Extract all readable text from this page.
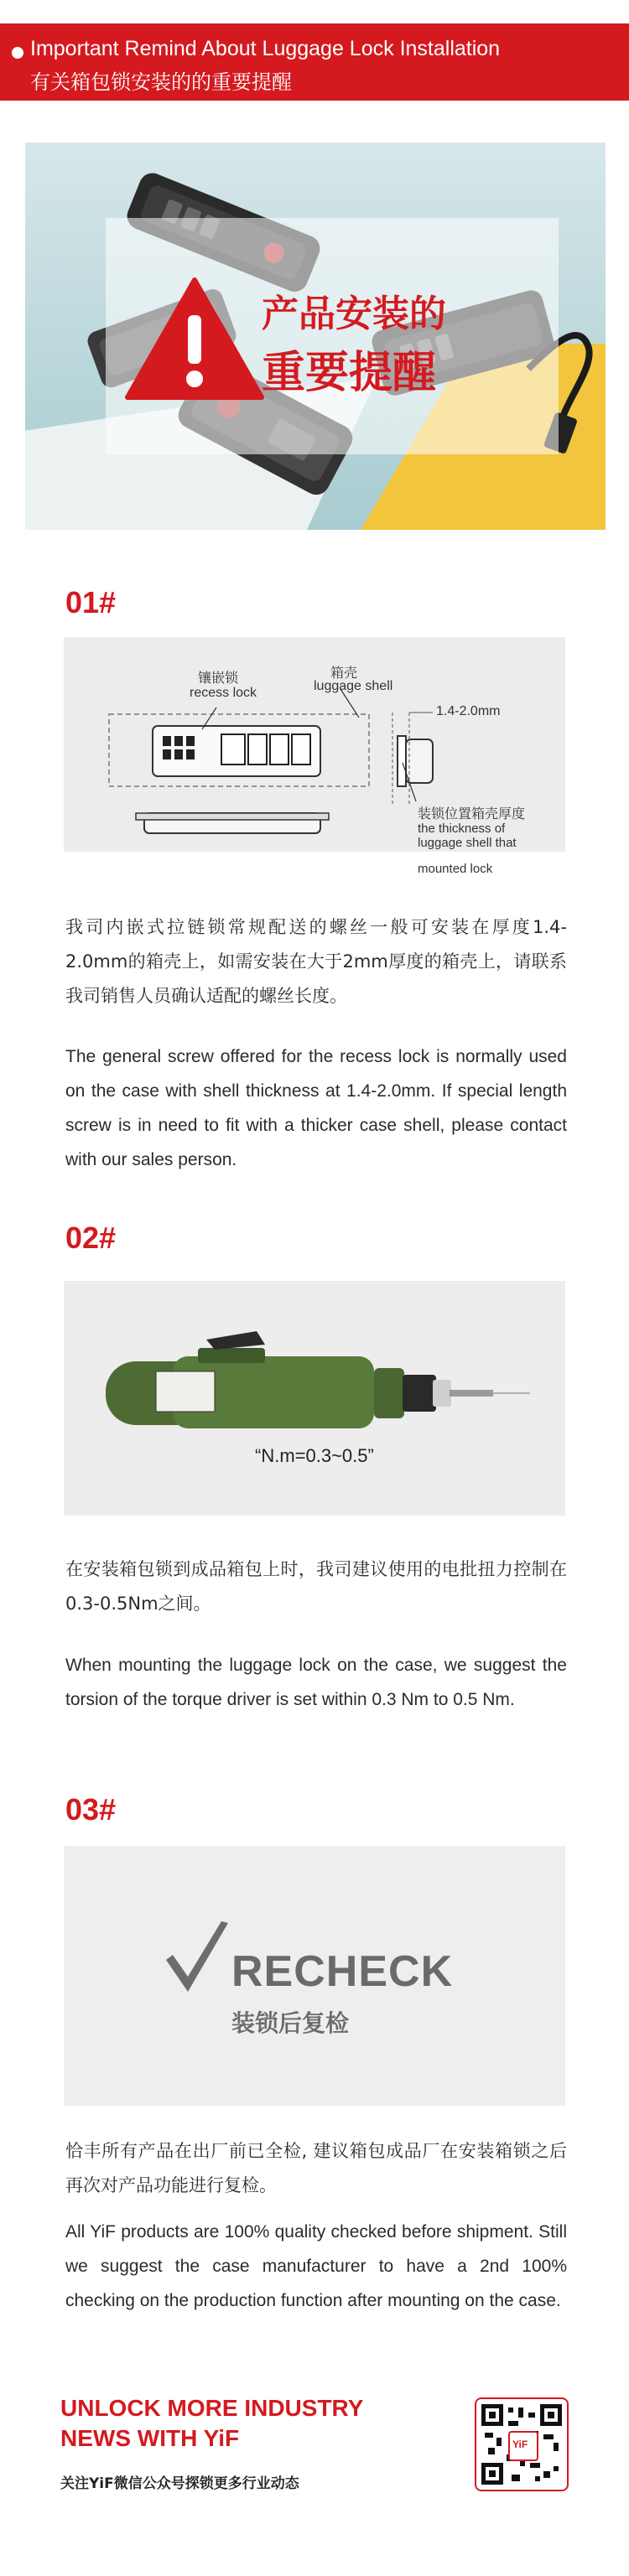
Important Remind About Luggage Lock Installation
有关箱包锁安装的的重要提醒
产品安装的
重要提醒
01#
镶嵌锁
recess lock
箱壳
luggage shell
1.4-2.0mm
装锁位置箱壳厚度
the thickness of
luggage shell that
mounted lock
我司内嵌式拉链锁常规配送的螺丝一般可安装在厚度1.4-2.0mm的箱壳上，如需安装在大于2mm厚度的箱壳上，请联系我司销售人员确认适配的螺丝长度。
The general screw offered for the recess lock is normally used on the case with shell thickness at 1.4-2.0mm. If special length screw is in need to fit with a thicker case shell, please contact with our sales person.
02#
“N.m=0.3~0.5”
在安装箱包锁到成品箱包上时，我司建议使用的电批扭力控制在0.3-0.5Nm之间。
When mounting the luggage lock on the case, we suggest the torsion of the torque driver is set within 0.3 Nm to 0.5 Nm.
03#
RECHECK
装锁后复检
恰丰所有产品在出厂前已全检, 建议箱包成品厂在安装箱锁之后再次对产品功能进行复检。
All YiF products are 100% quality checked before shipment. Still we suggest the case manufacturer to have a 2nd 100% checking on the production function after mounting on the case.
UNLOCK MORE INDUSTRY NEWS WITH YiF
关注YiF微信公众号探锁更多行业动态
YiF
